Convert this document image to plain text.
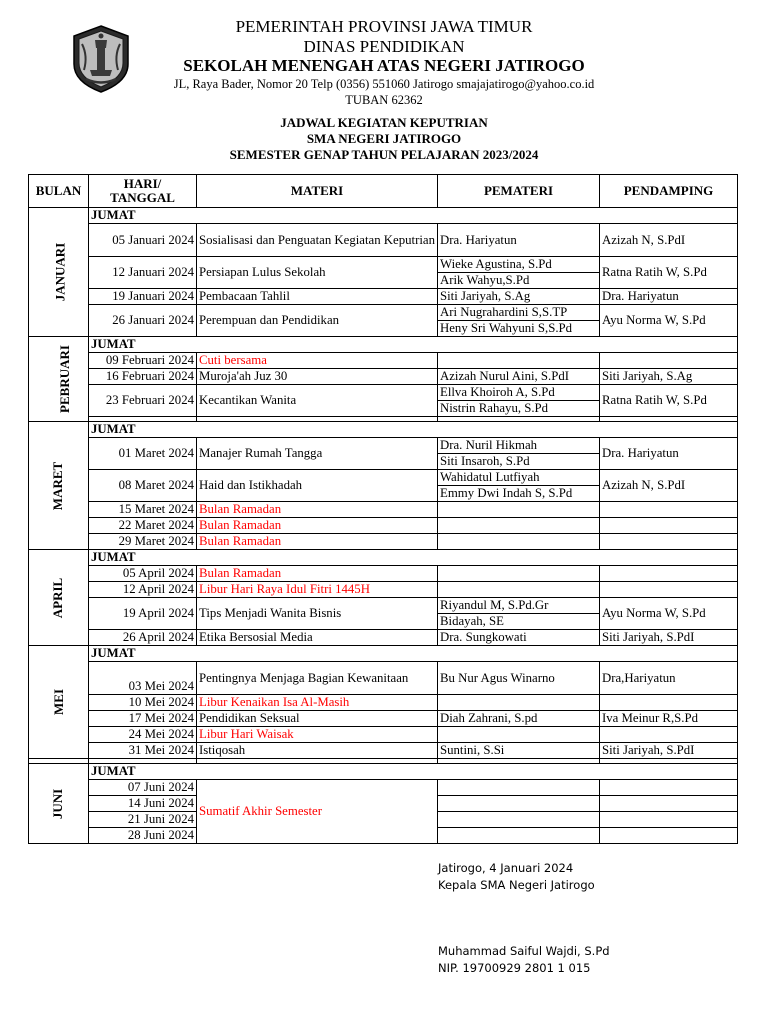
PEMERINTAH PROVINSI JAWA TIMUR
DINAS PENDIDIKAN
SEKOLAH MENENGAH ATAS NEGERI JATIROGO
JL, Raya Bader, Nomor 20 Telp (0356) 551060 Jatirogo smajajatirogo@yahoo.co.id
TUBAN 62362
JADWAL KEGIATAN KEPUTRIAN
SMA NEGERI JATIROGO
SEMESTER GENAP TAHUN PELAJARAN 2023/2024
BULAN	HARI/ TANGGAL	MATERI	PEMATERI	PENDAMPING
JANUARI	JUMAT			
	05 Januari 2024	Sosialisasi dan Penguatan Kegiatan Keputrian	Dra. Hariyatun	Azizah N, S.PdI
	12 Januari 2024	Persiapan Lulus Sekolah	Wieke Agustina, S.Pd	Ratna Ratih W, S.Pd
			Arik Wahyu,S.Pd	
	19 Januari 2024	Pembacaan Tahlil	Siti Jariyah, S.Ag	Dra. Hariyatun
	26 Januari 2024	Perempuan dan Pendidikan	Ari Nugrahardini S,S.TP	Ayu Norma W, S.Pd
			Heny Sri Wahyuni S,S.Pd	
PEBRUARI	JUMAT			
	09 Februari 2024	Cuti bersama		
	16 Februari 2024	Muroja'ah Juz 30	Azizah Nurul Aini, S.PdI	Siti Jariyah, S.Ag
	23 Februari 2024	Kecantikan Wanita	Ellva Khoiroh A, S.Pd	Ratna Ratih W, S.Pd
			Nistrin Rahayu, S.Pd	

MARET	JUMAT			
	01 Maret 2024	Manajer Rumah Tangga	Dra. Nuril Hikmah	Dra. Hariyatun
			Siti Insaroh, S.Pd	
	08 Maret 2024	Haid dan Istikhadah	Wahidatul Lutfiyah	Azizah N, S.PdI
			Emmy Dwi Indah S, S.Pd	
	15 Maret 2024	Bulan Ramadan		
	22 Maret 2024	Bulan Ramadan		
	29 Maret 2024	Bulan Ramadan		
APRIL	JUMAT			
	05 April 2024	Bulan Ramadan		
	12 April 2024	Libur Hari Raya Idul Fitri 1445H		
	19 April 2024	Tips Menjadi Wanita Bisnis	Riyandul M, S.Pd.Gr	Ayu Norma W, S.Pd
			Bidayah, SE	
	26 April 2024	Etika Bersosial Media	Dra. Sungkowati	Siti Jariyah, S.PdI
MEI	JUMAT			
	03 Mei 2024	Pentingnya Menjaga Bagian Kewanitaan	Bu Nur Agus Winarno	Dra,Hariyatun
	10 Mei 2024	Libur Kenaikan Isa Al-Masih		
	17 Mei 2024	Pendidikan Seksual	Diah Zahrani, S.pd	Iva Meinur R,S.Pd
	24 Mei 2024	Libur Hari Waisak		
	31 Mei 2024	Istiqosah	Suntini, S.Si	Siti Jariyah, S.PdI

JUNI	JUMAT			
	07 Juni 2024	Sumatif Akhir Semester		
	14 Juni 2024			
	21 Juni 2024			
	28 Juni 2024			
Jatirogo, 4 Januari 2024
Kepala SMA Negeri Jatirogo
Muhammad Saiful Wajdi, S.Pd
NIP. 19700929 2801 1 015
